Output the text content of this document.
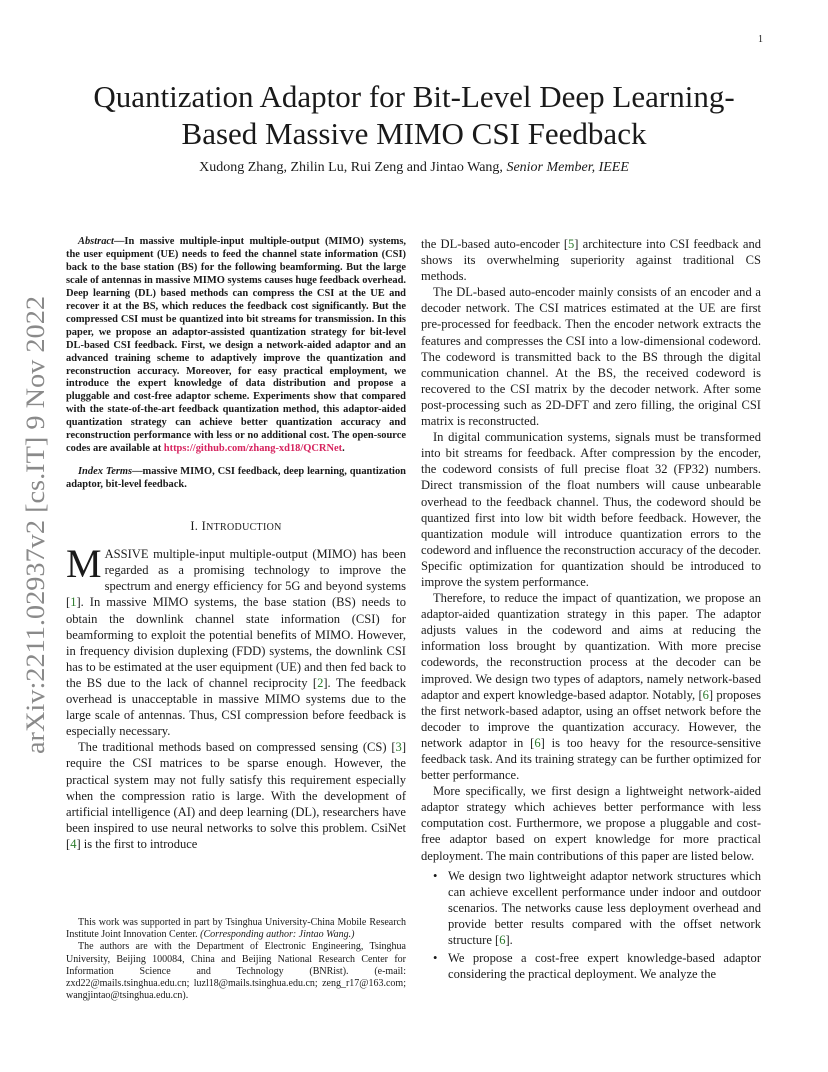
1
arXiv:2211.02937v2 [cs.IT] 9 Nov 2022
Quantization Adaptor for Bit-Level Deep Learning-Based Massive MIMO CSI Feedback
Xudong Zhang, Zhilin Lu, Rui Zeng and Jintao Wang, Senior Member, IEEE

Abstract—In massive multiple-input multiple-output (MIMO) systems, the user equipment (UE) needs to feed the channel state information (CSI) back to the base station (BS) for the following beamforming. But the large scale of antennas in massive MIMO systems causes huge feedback overhead. Deep learning (DL) based methods can compress the CSI at the UE and recover it at the BS, which reduces the feedback cost significantly. But the compressed CSI must be quantized into bit streams for transmission. In this paper, we propose an adaptor-assisted quantization strategy for bit-level DL-based CSI feedback. First, we design a network-aided adaptor and an advanced training scheme to adaptively improve the quantization and reconstruction accuracy. Moreover, for easy practical employment, we introduce the expert knowledge of data distribution and propose a pluggable and cost-free adaptor scheme. Experiments show that compared with the state-of-the-art feedback quantization method, this adaptor-aided quantization strategy can achieve better quantization accuracy and reconstruction performance with less or no additional cost. The open-source codes are available at https://github.com/zhang-xd18/QCRNet.

Index Terms—massive MIMO, CSI feedback, deep learning, quantization adaptor, bit-level feedback.

I. INTRODUCTION

MASSIVE multiple-input multiple-output (MIMO) has been regarded as a promising technology to improve the spectrum and energy efficiency for 5G and beyond systems [1]. In massive MIMO systems, the base station (BS) needs to obtain the downlink channel state information (CSI) for beamforming to exploit the potential benefits of MIMO. However, in frequency division duplexing (FDD) systems, the downlink CSI has to be estimated at the user equipment (UE) and then fed back to the BS due to the lack of channel reciprocity [2]. The feedback overhead is unacceptable in massive MIMO systems due to the large scale of antennas. Thus, CSI compression before feedback is especially necessary.

The traditional methods based on compressed sensing (CS) [3] require the CSI matrices to be sparse enough. However, the practical system may not fully satisfy this requirement especially when the compression ratio is large. With the development of artificial intelligence (AI) and deep learning (DL), researchers have been inspired to use neural networks to solve this problem. CsiNet [4] is the first to introduce

This work was supported in part by Tsinghua University-China Mobile Research Institute Joint Innovation Center. (Corresponding author: Jintao Wang.)

The authors are with the Department of Electronic Engineering, Tsinghua University, Beijing 100084, China and Beijing National Research Center for Information Science and Technology (BNRist). (e-mail: zxd22@mails.tsinghua.edu.cn; luzl18@mails.tsinghua.edu.cn; zeng_r17@163.com; wangjintao@tsinghua.edu.cn).

the DL-based auto-encoder [5] architecture into CSI feedback and shows its overwhelming superiority against traditional CS methods.

The DL-based auto-encoder mainly consists of an encoder and a decoder network. The CSI matrices estimated at the UE are first pre-processed for feedback. Then the encoder network extracts the features and compresses the CSI into a low-dimensional codeword. The codeword is transmitted back to the BS through the digital communication channel. At the BS, the received codeword is recovered to the CSI matrix by the decoder network. After some post-processing such as 2D-DFT and zero filling, the original CSI matrix is reconstructed.

In digital communication systems, signals must be transformed into bit streams for feedback. After compression by the encoder, the codeword consists of full precise float 32 (FP32) numbers. Direct transmission of the float numbers will cause unbearable overhead to the feedback channel. Thus, the codeword should be quantized first into low bit width before feedback. However, the quantization module will introduce quantization errors to the codeword and influence the reconstruction accuracy of the decoder. Specific optimization for quantization should be introduced to improve the system performance.

Therefore, to reduce the impact of quantization, we propose an adaptor-aided quantization strategy in this paper. The adaptor adjusts values in the codeword and aims at reducing the information loss brought by quantization. With more precise codewords, the reconstruction process at the decoder can be improved. We design two types of adaptors, namely network-based adaptor and expert knowledge-based adaptor. Notably, [6] proposes the first network-based adaptor, using an offset network before the decoder to improve the quantization accuracy. However, the network adaptor in [6] is too heavy for the resource-sensitive feedback task. And its training strategy can be further optimized for better performance.

More specifically, we first design a lightweight network-aided adaptor strategy which achieves better performance with less computation cost. Furthermore, we propose a pluggable and cost-free adaptor based on expert knowledge for more practical deployment. The main contributions of this paper are listed below.

• We design two lightweight adaptor network structures which can achieve excellent performance under indoor and outdoor scenarios. The networks cause less deployment overhead and provide better results compared with the offset network structure [6].
• We propose a cost-free expert knowledge-based adaptor considering the practical deployment. We analyze the
